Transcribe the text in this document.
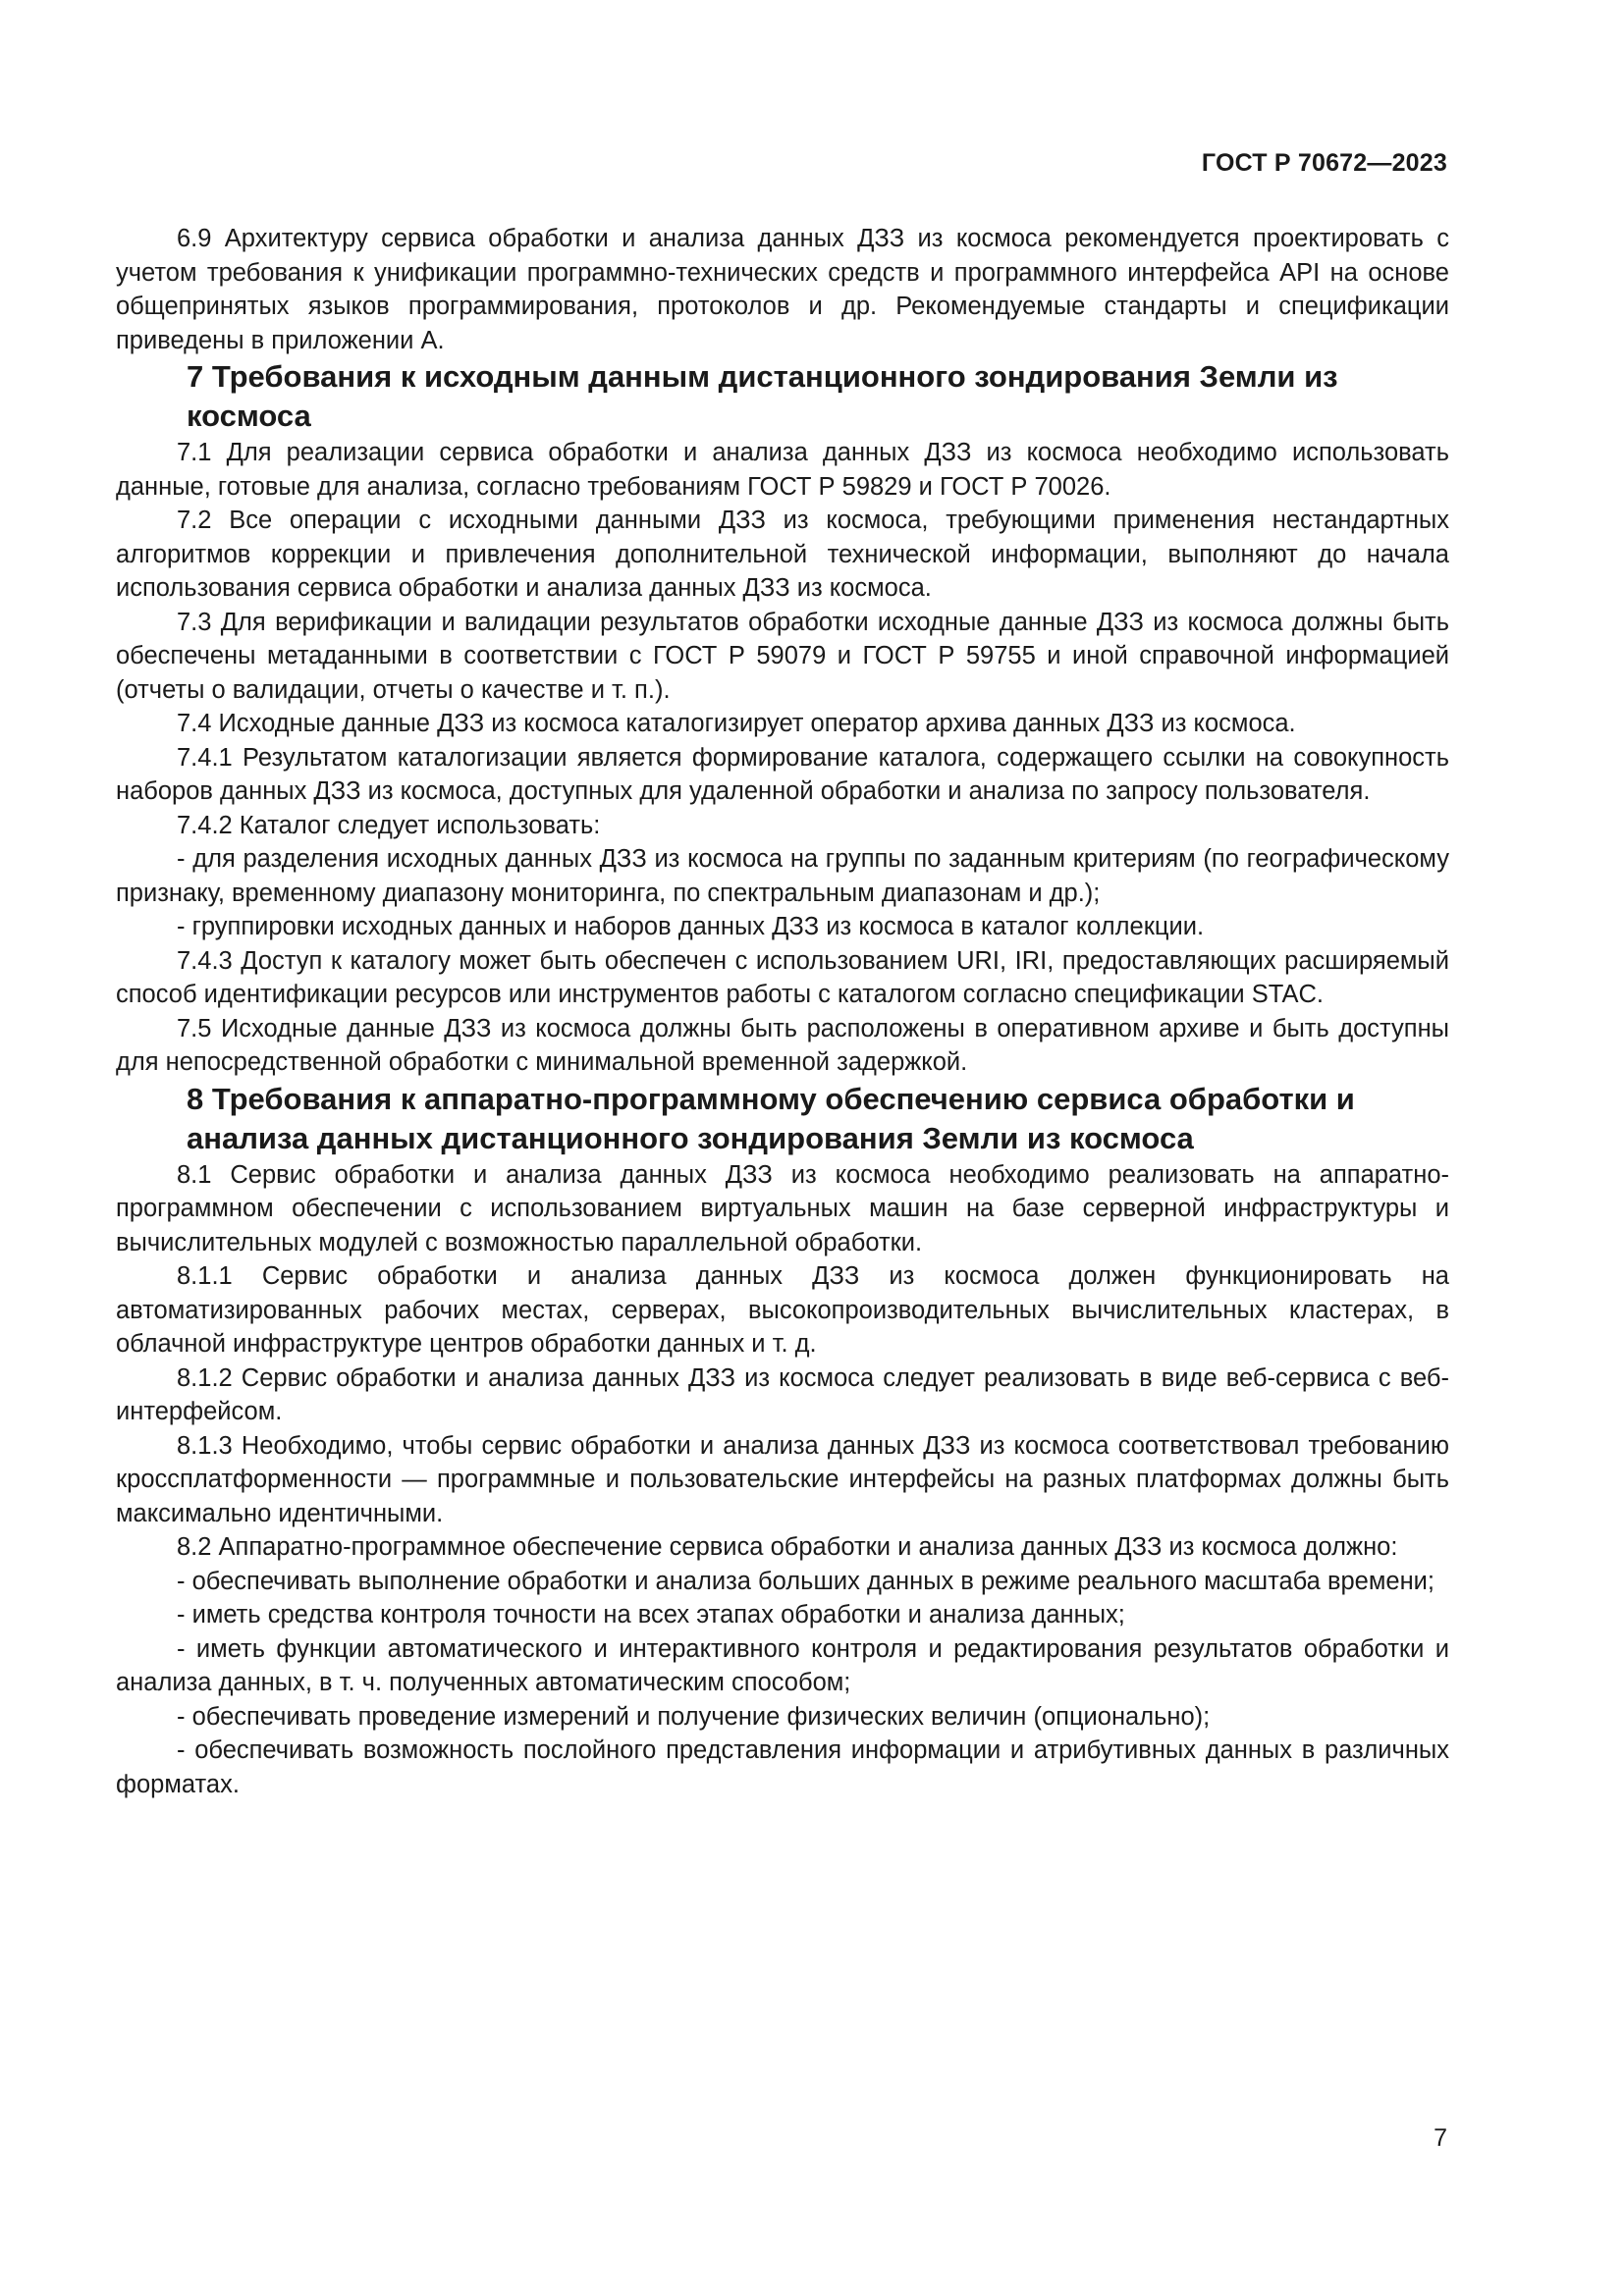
ГОСТ Р 70672—2023

6.9 Архитектуру сервиса обработки и анализа данных ДЗЗ из космоса рекомендуется проектировать с учетом требования к унификации программно-технических средств и программного интерфейса API на основе общепринятых языков программирования, протоколов и др. Рекомендуемые стандарты и спецификации приведены в приложении А.

7 Требования к исходным данным дистанционного зондирования Земли из космоса

7.1 Для реализации сервиса обработки и анализа данных ДЗЗ из космоса необходимо использовать данные, готовые для анализа, согласно требованиям ГОСТ Р 59829 и ГОСТ Р 70026.

7.2 Все операции с исходными данными ДЗЗ из космоса, требующими применения нестандартных алгоритмов коррекции и привлечения дополнительной технической информации, выполняют до начала использования сервиса обработки и анализа данных ДЗЗ из космоса.

7.3 Для верификации и валидации результатов обработки исходные данные ДЗЗ из космоса должны быть обеспечены метаданными в соответствии с ГОСТ Р 59079 и ГОСТ Р 59755 и иной справочной информацией (отчеты о валидации, отчеты о качестве и т. п.).

7.4 Исходные данные ДЗЗ из космоса каталогизирует оператор архива данных ДЗЗ из космоса.

7.4.1 Результатом каталогизации является формирование каталога, содержащего ссылки на совокупность наборов данных ДЗЗ из космоса, доступных для удаленной обработки и анализа по запросу пользователя.

7.4.2 Каталог следует использовать:

- для разделения исходных данных ДЗЗ из космоса на группы по заданным критериям (по географическому признаку, временному диапазону мониторинга, по спектральным диапазонам и др.);

- группировки исходных данных и наборов данных ДЗЗ из космоса в каталог коллекции.

7.4.3 Доступ к каталогу может быть обеспечен с использованием URI, IRI, предоставляющих расширяемый способ идентификации ресурсов или инструментов работы с каталогом согласно спецификации STAC.

7.5 Исходные данные ДЗЗ из космоса должны быть расположены в оперативном архиве и быть доступны для непосредственной обработки с минимальной временной задержкой.

8 Требования к аппаратно-программному обеспечению сервиса обработки и анализа данных дистанционного зондирования Земли из космоса

8.1 Сервис обработки и анализа данных ДЗЗ из космоса необходимо реализовать на аппаратно-программном обеспечении с использованием виртуальных машин на базе серверной инфраструктуры и вычислительных модулей с возможностью параллельной обработки.

8.1.1 Сервис обработки и анализа данных ДЗЗ из космоса должен функционировать на автоматизированных рабочих местах, серверах, высокопроизводительных вычислительных кластерах, в облачной инфраструктуре центров обработки данных и т. д.

8.1.2 Сервис обработки и анализа данных ДЗЗ из космоса следует реализовать в виде веб-сервиса с веб-интерфейсом.

8.1.3 Необходимо, чтобы сервис обработки и анализа данных ДЗЗ из космоса соответствовал требованию кроссплатформенности — программные и пользовательские интерфейсы на разных платформах должны быть максимально идентичными.

8.2 Аппаратно-программное обеспечение сервиса обработки и анализа данных ДЗЗ из космоса должно:

- обеспечивать выполнение обработки и анализа больших данных в режиме реального масштаба времени;

- иметь средства контроля точности на всех этапах обработки и анализа данных;

- иметь функции автоматического и интерактивного контроля и редактирования результатов обработки и анализа данных, в т. ч. полученных автоматическим способом;

- обеспечивать проведение измерений и получение физических величин (опционально);

- обеспечивать возможность послойного представления информации и атрибутивных данных в различных форматах.

7
